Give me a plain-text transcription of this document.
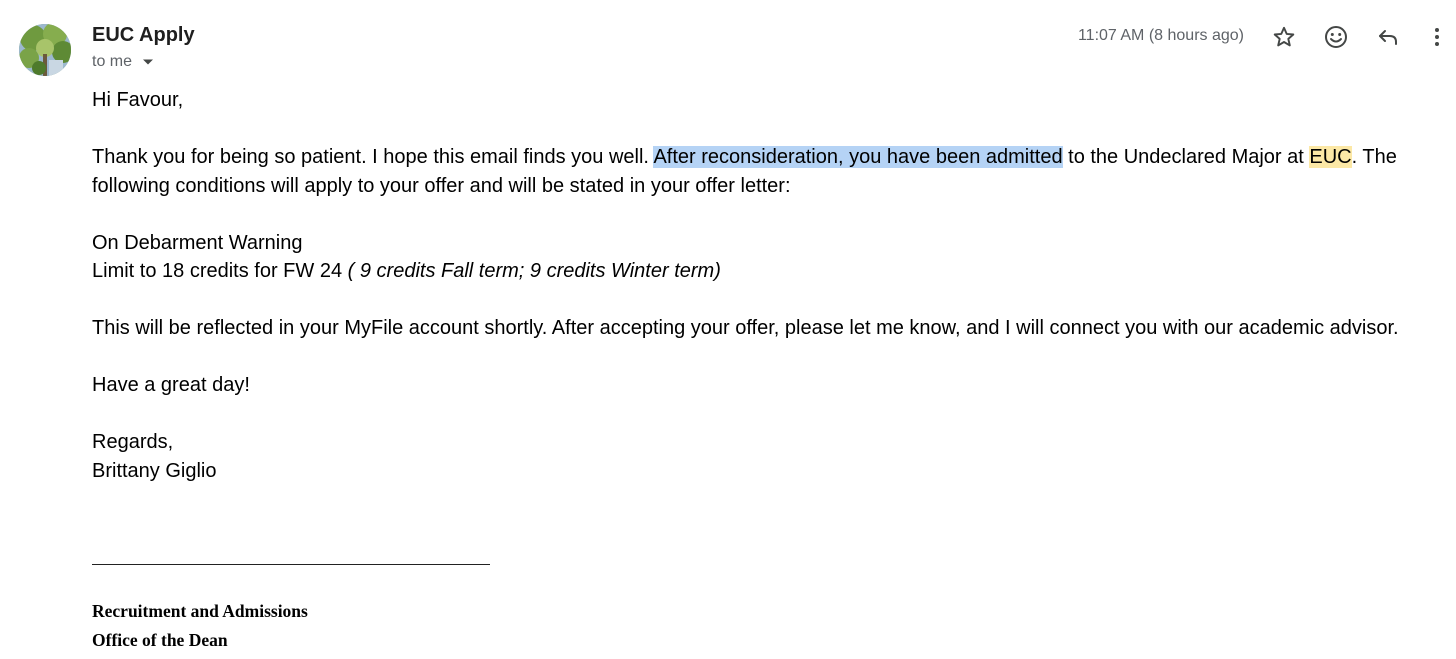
EUC Apply
to me
11:07 AM (8 hours ago)

Hi Favour,

Thank you for being so patient. I hope this email finds you well. After reconsideration, you have been admitted to the Undeclared Major at EUC. The following conditions will apply to your offer and will be stated in your offer letter:

On Debarment Warning

Limit to 18 credits for FW 24 ( 9 credits Fall term; 9 credits Winter term)

This will be reflected in your MyFile account shortly. After accepting your offer, please let me know, and I will connect you with our academic advisor.

Have a great day!

Regards,

Brittany Giglio

Recruitment and Admissions
Office of the Dean
